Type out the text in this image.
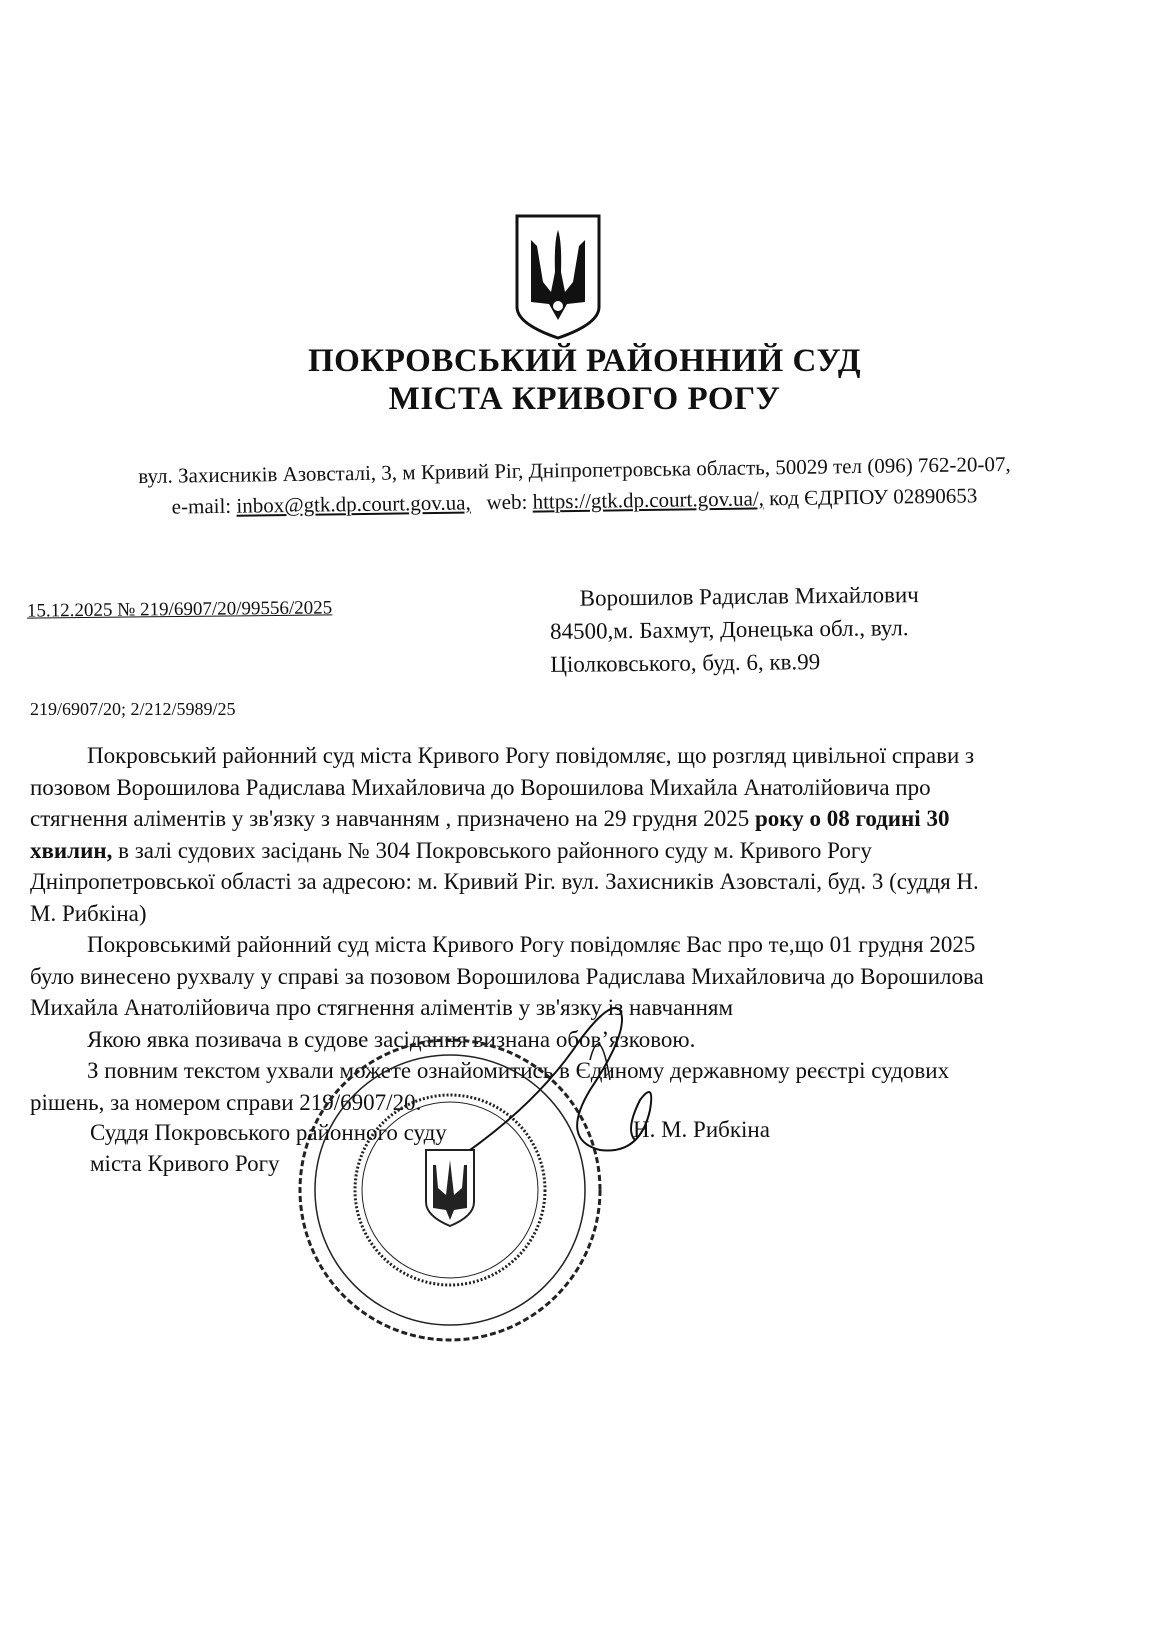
ПОКРОВСЬКИЙ РАЙОННИЙ СУД
МІСТА КРИВОГО РОГУ
вул. Захисників Азовсталі, 3, м Кривий Ріг, Дніпропетровська область, 50029 тел (096) 762-20-07,
e-mail: inbox@gtk.dp.court.gov.ua, web: https://gtk.dp.court.gov.ua/, код ЄДРПОУ 02890653
15.12.2025 № 219/6907/20/99556/2025	Ворошилов Радислав Михайлович
84500,м. Бахмут, Донецька обл., вул.
Ціолковського, буд. 6, кв.99
219/6907/20; 2/212/5989/25
Покровський районний суд міста Кривого Рогу повідомляє, що розгляд цивільної справи з
позовом Ворошилова Радислава Михайловича до Ворошилова Михайла Анатолійовича про
стягнення аліментів у зв'язку з навчанням , призначено на 29 грудня 2025 року о 08 годині 30
хвилин, в залі судових засідань № 304 Покровського районного суду м. Кривого Рогу
Дніпропетровської області за адресою: м. Кривий Ріг. вул. Захисників Азовсталі, буд. 3 (суддя Н.
М. Рибкіна)
Покровськимй районний суд міста Кривого Рогу повідомляє Вас про те,що 01 грудня 2025
було винесено рухвалу у справі за позовом Ворошилова Радислава Михайловича до Ворошилова
Михайла Анатолійовича про стягнення аліментів у зв'язку із навчанням
Якою явка позивача в судове засідання визнана обов’язковою.
З повним текстом ухвали можете ознайомитись в Єдиному державному реєстрі судових
рішень, за номером справи 219/6907/20.
Суддя Покровського районного суду
міста Кривого Рогу
Н. М. Рибкіна
